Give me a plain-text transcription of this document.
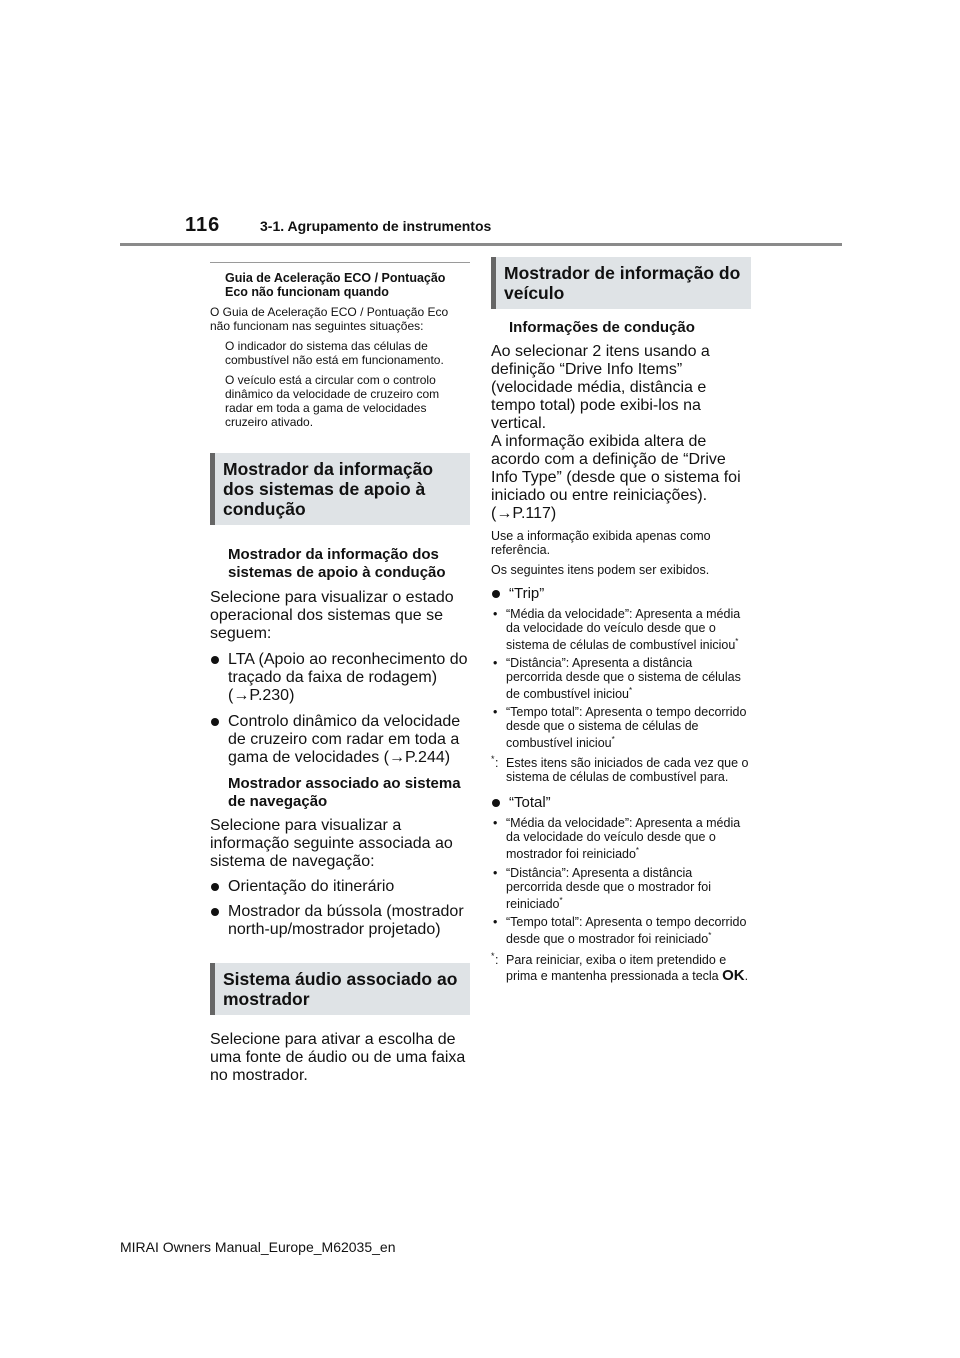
116	3-1. Agrupamento de instrumentos
Guia de Aceleração ECO / Pontuação Eco não funcionam quando
O Guia de Aceleração ECO / Pontuação Eco não funcionam nas seguintes situações:
O indicador do sistema das células de combustível não está em funcionamento.
O veículo está a circular com o controlo dinâmico da velocidade de cruzeiro com radar em toda a gama de velocidades cruzeiro ativado.
Mostrador da informação dos sistemas de apoio à condução
Mostrador da informação dos sistemas de apoio à condução
Selecione para visualizar o estado operacional dos sistemas que se seguem:
LTA (Apoio ao reconhecimento do traçado da faixa de rodagem) (→P.230)
Controlo dinâmico da velocidade de cruzeiro com radar em toda a gama de velocidades (→P.244)
Mostrador associado ao sistema de navegação
Selecione para visualizar a informação seguinte associada ao sistema de navegação:
Orientação do itinerário
Mostrador da bússola (mostrador north-up/mostrador projetado)
Sistema áudio associado ao mostrador
Selecione para ativar a escolha de uma fonte de áudio ou de uma faixa no mostrador.
Mostrador de informação do veículo
Informações de condução
Ao selecionar 2 itens usando a definição “Drive Info Items” (velocidade média, distância e tempo total) pode exibi-los na vertical.
A informação exibida altera de acordo com a definição de “Drive Info Type” (desde que o sistema foi iniciado ou entre reiniciações). (→P.117)
Use a informação exibida apenas como referência.
Os seguintes itens podem ser exibidos.
“Trip”
• “Média da velocidade”: Apresenta a média da velocidade do veículo desde que o sistema de células de combustível iniciou*
• “Distância”: Apresenta a distância percorrida desde que o sistema de células de combustível iniciou*
• “Tempo total”: Apresenta o tempo decorrido desde que o sistema de células de combustível iniciou*
* : Estes itens são iniciados de cada vez que o sistema de células de combustível para.
“Total”
• “Média da velocidade”: Apresenta a média da velocidade do veículo desde que o mostrador foi reiniciado*
• “Distância”: Apresenta a distância percorrida desde que o mostrador foi reiniciado*
• “Tempo total”: Apresenta o tempo decorrido desde que o mostrador foi reiniciado*
* : Para reiniciar, exiba o item pretendido e prima e mantenha pressionada a tecla OK.
MIRAI Owners Manual_Europe_M62035_en
